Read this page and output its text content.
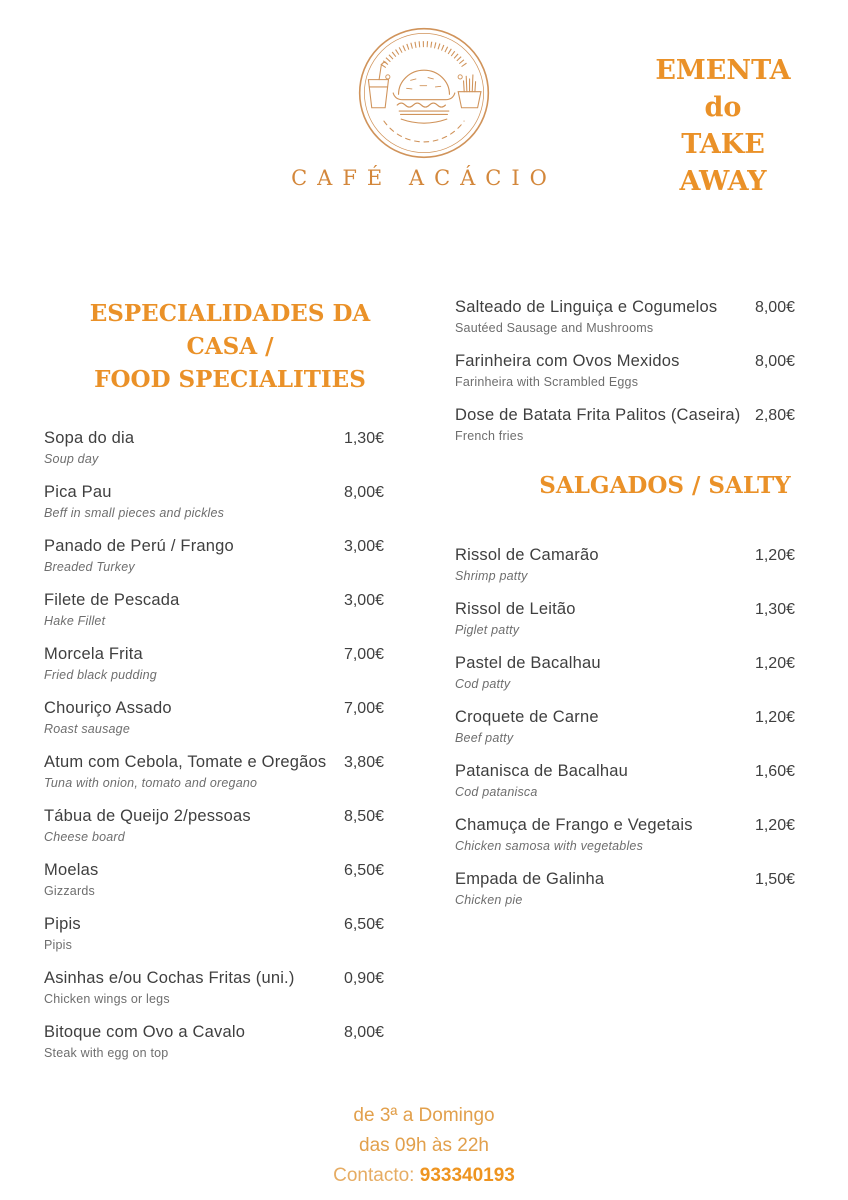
CAFÉ ACÁCIO
EMENTA do
TAKE AWAY
ESPECIALIDADES DA CASA /
FOOD SPECIALITIES
Sopa do dia	1,30€
Soup day
Pica Pau	8,00€
Beff in small pieces and pickles
Panado de Perú / Frango	3,00€
Breaded Turkey
Filete de Pescada	3,00€
Hake Fillet
Morcela Frita	7,00€
Fried black pudding
Chouriço Assado	7,00€
Roast sausage
Atum com Cebola, Tomate e Oregãos	3,80€
Tuna with onion, tomato and oregano
Tábua de Queijo 2/pessoas	8,50€
Cheese board
Moelas	6,50€
Gizzards
Pipis	6,50€
Pipis
Asinhas e/ou Cochas Fritas (uni.)	0,90€
Chicken wings or legs
Bitoque com Ovo a Cavalo	8,00€
Steak with egg on top
Salteado de Linguiça e Cogumelos	8,00€
Sautéed Sausage and Mushrooms
Farinheira com Ovos Mexidos	8,00€
Farinheira with Scrambled Eggs
Dose de Batata Frita Palitos (Caseira) 2,80€
French fries
SALGADOS / SALTY
Rissol de Camarão	1,20€
Shrimp patty
Rissol de Leitão	1,30€
Piglet patty
Pastel de Bacalhau	1,20€
Cod patty
Croquete de Carne	1,20€
Beef patty
Patanisca de Bacalhau	1,60€
Cod patanisca
Chamuça de Frango e Vegetais	1,20€
Chicken samosa with vegetables
Empada de Galinha	1,50€
Chicken pie
de 3ª a Domingo
das 09h às 22h
Contacto: 933340193
